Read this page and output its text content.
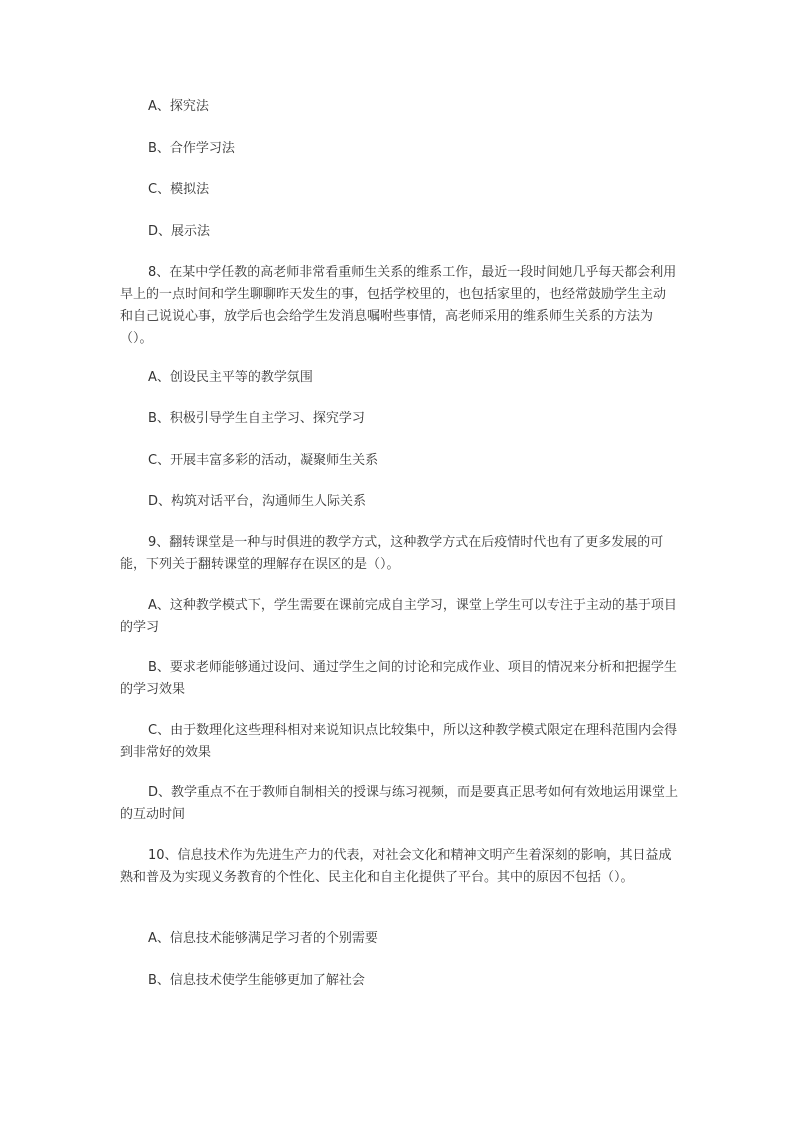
A、探究法

B、合作学习法

C、模拟法

D、展示法

8、在某中学任教的高老师非常看重师生关系的维系工作，最近一段时间她几乎每天都会利用早上的一点时间和学生聊聊昨天发生的事，包括学校里的，也包括家里的，也经常鼓励学生主动和自己说说心事，放学后也会给学生发消息嘱咐些事情，高老师采用的维系师生关系的方法为（）。

A、创设民主平等的教学氛围

B、积极引导学生自主学习、探究学习

C、开展丰富多彩的活动，凝聚师生关系

D、构筑对话平台，沟通师生人际关系

9、翻转课堂是一种与时俱进的教学方式，这种教学方式在后疫情时代也有了更多发展的可能，下列关于翻转课堂的理解存在误区的是（）。

A、这种教学模式下，学生需要在课前完成自主学习，课堂上学生可以专注于主动的基于项目的学习

B、要求老师能够通过设问、通过学生之间的讨论和完成作业、项目的情况来分析和把握学生的学习效果

C、由于数理化这些理科相对来说知识点比较集中，所以这种教学模式限定在理科范围内会得到非常好的效果

D、教学重点不在于教师自制相关的授课与练习视频，而是要真正思考如何有效地运用课堂上的互动时间

10、信息技术作为先进生产力的代表，对社会文化和精神文明产生着深刻的影响，其日益成熟和普及为实现义务教育的个性化、民主化和自主化提供了平台。其中的原因不包括（）。

A、信息技术能够满足学习者的个别需要

B、信息技术使学生能够更加了解社会
